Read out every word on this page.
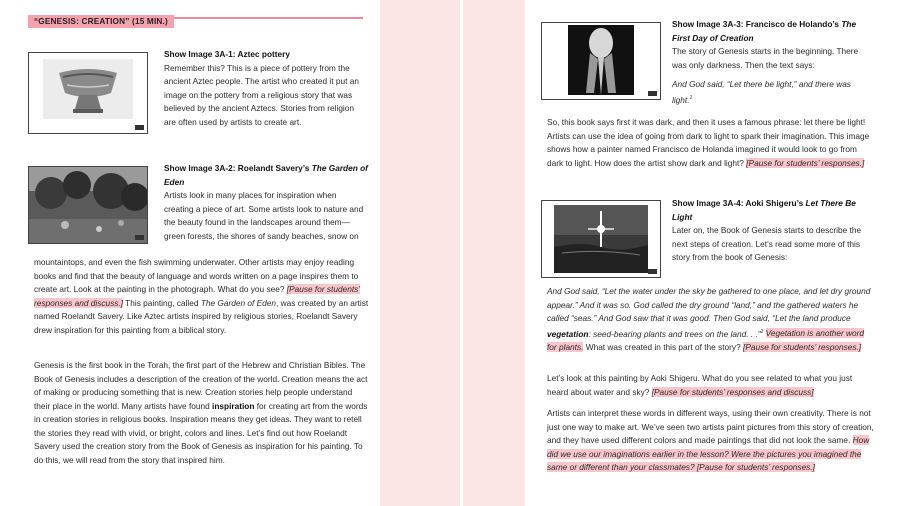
“GENESIS: CREATION” (15 MIN.)
Show Image 3A-1: Aztec pottery
Remember this? This is a piece of pottery from the ancient Aztec people. The artist who created it put an image on the pottery from a religious story that was believed by the ancient Aztecs. Stories from religion are often used by artists to create art.
Show Image 3A-2: Roelandt Savery’s The Garden of Eden
Artists look in many places for inspiration when creating a piece of art. Some artists look to nature and the beauty found in the landscapes around them—green forests, the shores of sandy beaches, snow on
mountaintops, and even the fish swimming underwater. Other artists may enjoy reading books and find that the beauty of language and words written on a page inspires them to create art. Look at the painting in the photograph. What do you see? [Pause for students’ responses and discuss.] This painting, called The Garden of Eden, was created by an artist named Roelandt Savery. Like Aztec artists inspired by religious stories, Roelandt Savery drew inspiration for this painting from a biblical story.
Genesis is the first book in the Torah, the first part of the Hebrew and Christian Bibles. The Book of Genesis includes a description of the creation of the world. Creation means the act of making or producing something that is new. Creation stories help people understand their place in the world. Many artists have found inspiration for creating art from the words in creation stories in religious books. Inspiration means they get ideas. They want to retell the stories they read with vivid, or bright, colors and lines. Let’s find out how Roelandt Savery used the creation story from the Book of Genesis as inspiration for his painting. To do this, we will read from the story that inspired him.
Show Image 3A-3: Francisco de Holando’s The First Day of Creation
The story of Genesis starts in the beginning. There was only darkness. Then the text says:
And God said, “Let there be light,” and there was light.$^1$
So, this book says first it was dark, and then it uses a famous phrase: let there be light! Artists can use the idea of going from dark to light to spark their imagination. This image shows how a painter named Francisco de Holanda imagined it would look to go from dark to light. How does the artist show dark and light? [Pause for students’ responses.]
Show Image 3A-4: Aoki Shigeru’s Let There Be Light
Later on, the Book of Genesis starts to describe the next steps of creation. Let’s read some more of this story from the book of Genesis:
And God said, “Let the water under the sky be gathered to one place, and let dry ground appear.” And it was so. God called the dry ground “land,” and the gathered waters he called “seas.” And God saw that it was good. Then God said, “Let the land produce vegetation: seed-bearing plants and trees on the land. . .”$^2$ Vegetation is another word for plants. What was created in this part of the story? [Pause for students’ responses.]
Let’s look at this painting by Aoki Shigeru. What do you see related to what you just heard about water and sky? [Pause for students’ responses and discuss]
Artists can interpret these words in different ways, using their own creativity. There is not just one way to make art. We’ve seen two artists paint pictures from this story of creation, and they have used different colors and made paintings that did not look the same. How did we use our imaginations earlier in the lesson? Were the pictures you imagined the same or different than your classmates? [Pause for students’ responses.]
